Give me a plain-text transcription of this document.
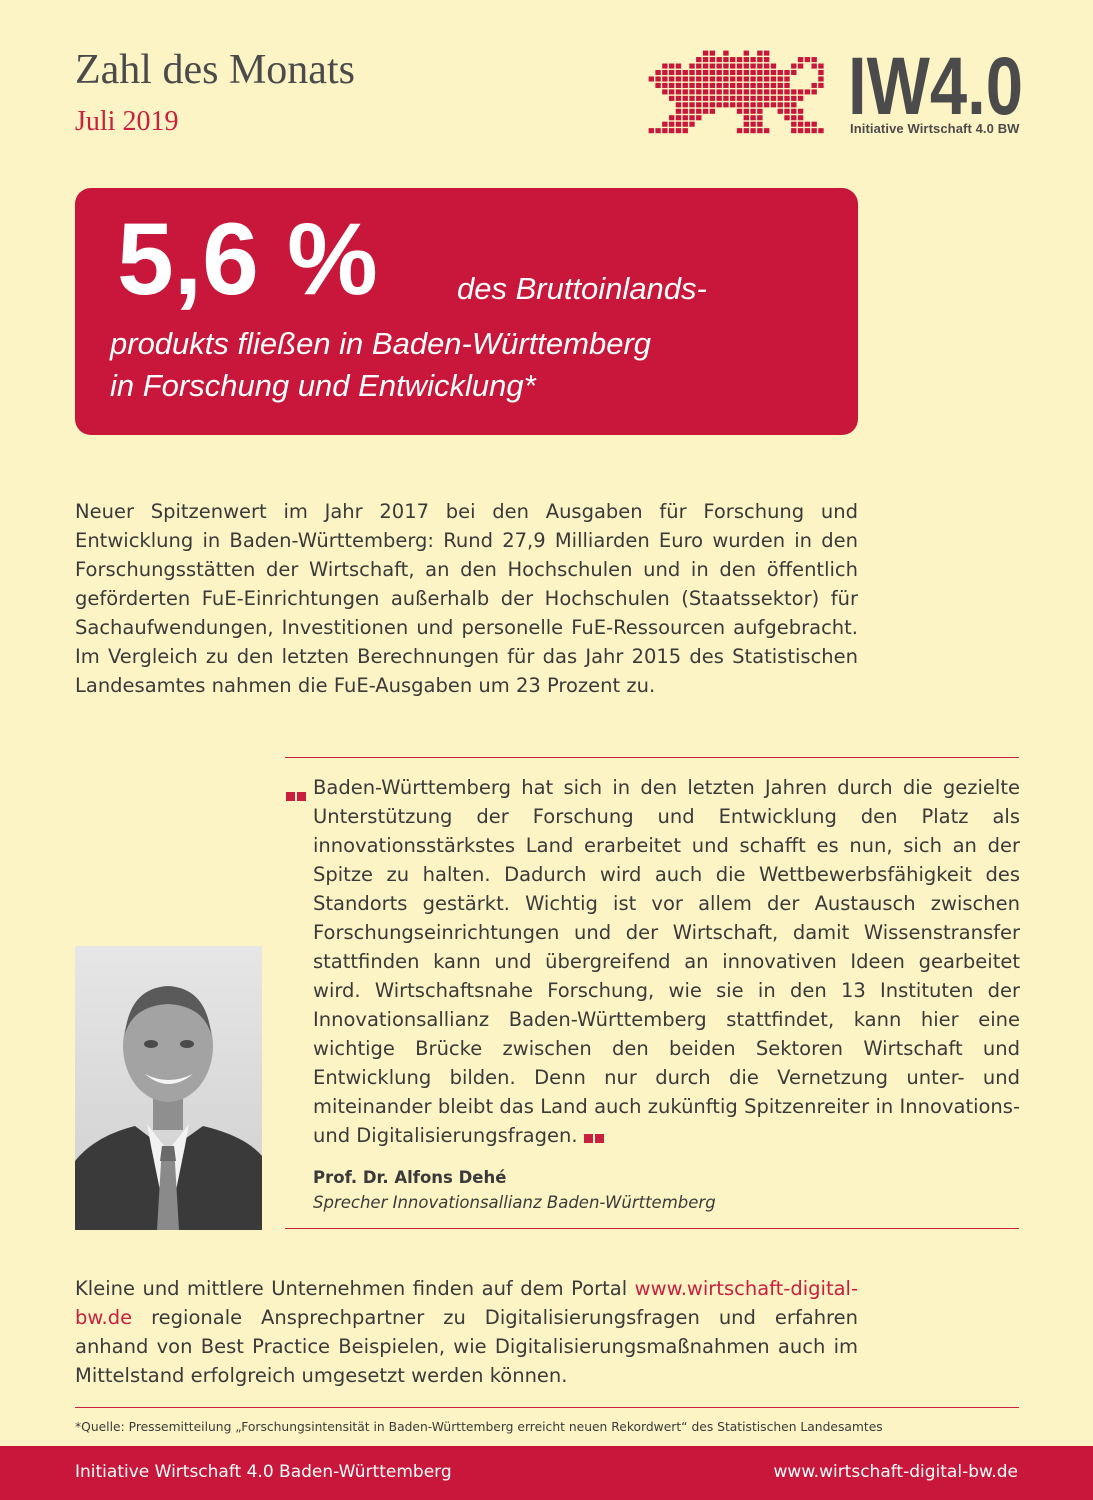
Zahl des Monats
Juli 2019	IW4.0
Initiative Wirtschaft 4.0 BW
5,6 %	des Bruttoinlands-
produkts fließen in Baden-Württemberg
in Forschung und Entwicklung*
Neuer Spitzenwert im Jahr 2017 bei den Ausgaben für Forschung und Entwicklung in Baden-Württemberg: Rund 27,9 Milliarden Euro wurden in den Forschungsstätten der Wirtschaft, an den Hochschulen und in den öffentlich geförderten FuE-Einrichtungen außerhalb der Hochschulen (Staatssektor) für Sachaufwendungen, Investitionen und personelle FuE-Ressourcen aufgebracht. Im Vergleich zu den letzten Berechnungen für das Jahr 2015 des Statistischen Landesamtes nahmen die FuE-Ausgaben um 23 Prozent zu.
Baden-Württemberg hat sich in den letzten Jahren durch die gezielte Unterstützung der Forschung und Entwicklung den Platz als innovationsstärkstes Land erarbeitet und schafft es nun, sich an der Spitze zu halten. Dadurch wird auch die Wettbewerbsfähigkeit des Standorts gestärkt. Wichtig ist vor allem der Austausch zwischen Forschungseinrichtungen und der Wirtschaft, damit Wissenstransfer stattfinden kann und übergreifend an innovativen Ideen gearbeitet wird. Wirtschaftsnahe Forschung, wie sie in den 13 Instituten der Innovationsallianz Baden-Württemberg stattfindet, kann hier eine wichtige Brücke zwischen den beiden Sektoren Wirtschaft und Entwicklung bilden. Denn nur durch die Vernetzung unter- und miteinander bleibt das Land auch zukünftig Spitzenreiter in Innovations- und Digitalisierungsfragen.
Prof. Dr. Alfons Dehé
Sprecher Innovationsallianz Baden-Württemberg
Kleine und mittlere Unternehmen finden auf dem Portal www.wirtschaft-digital-bw.de regionale Ansprechpartner zu Digitalisierungsfragen und erfahren anhand von Best Practice Beispielen, wie Digitalisierungsmaßnahmen auch im Mittelstand erfolgreich umgesetzt werden können.
*Quelle: Pressemitteilung „Forschungsintensität in Baden-Württemberg erreicht neuen Rekordwert“ des Statistischen Landesamtes
Initiative Wirtschaft 4.0 Baden-Württemberg	www.wirtschaft-digital-bw.de
